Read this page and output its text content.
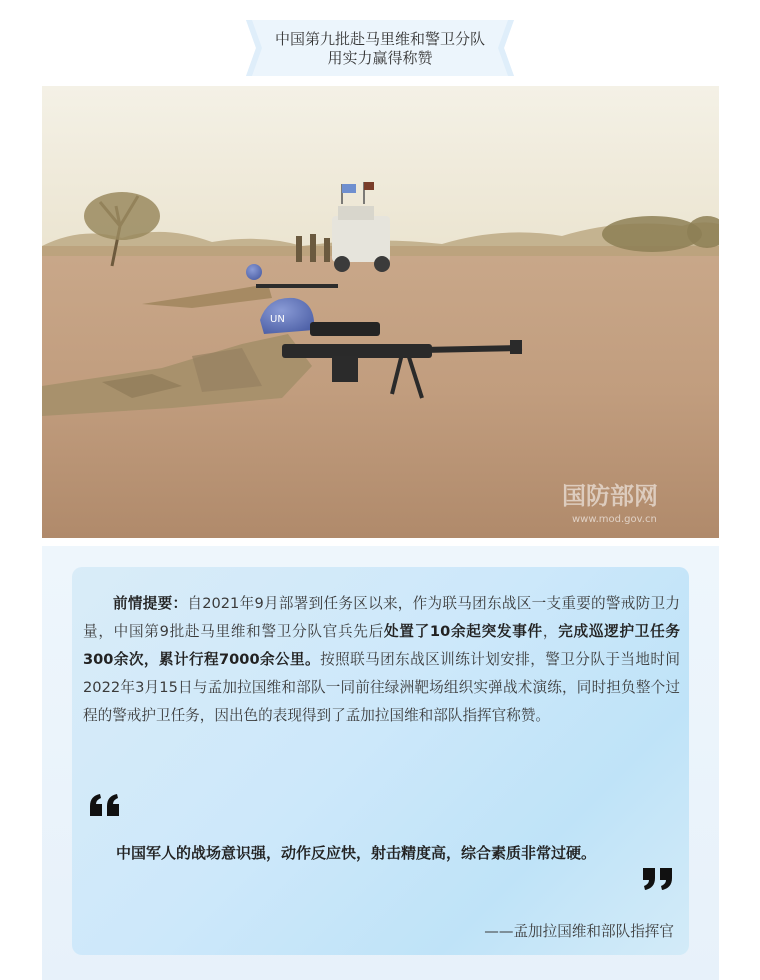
中国第九批赴马里维和警卫分队
用实力赢得称赞
UN
国防部网
www.mod.gov.cn

前情提要：自2021年9月部署到任务区以来，作为联马团东战区一支重要的警戒防卫力量，中国第9批赴马里维和警卫分队官兵先后处置了10余起突发事件，完成巡逻护卫任务300余次，累计行程7000余公里。按照联马团东战区训练计划安排，警卫分队于当地时间2022年3月15日与孟加拉国维和部队一同前往绿洲靶场组织实弹战术演练，同时担负整个过程的警戒护卫任务，因出色的表现得到了孟加拉国维和部队指挥官称赞。

中国军人的战场意识强，动作反应快，射击精度高，综合素质非常过硬。
——孟加拉国维和部队指挥官
